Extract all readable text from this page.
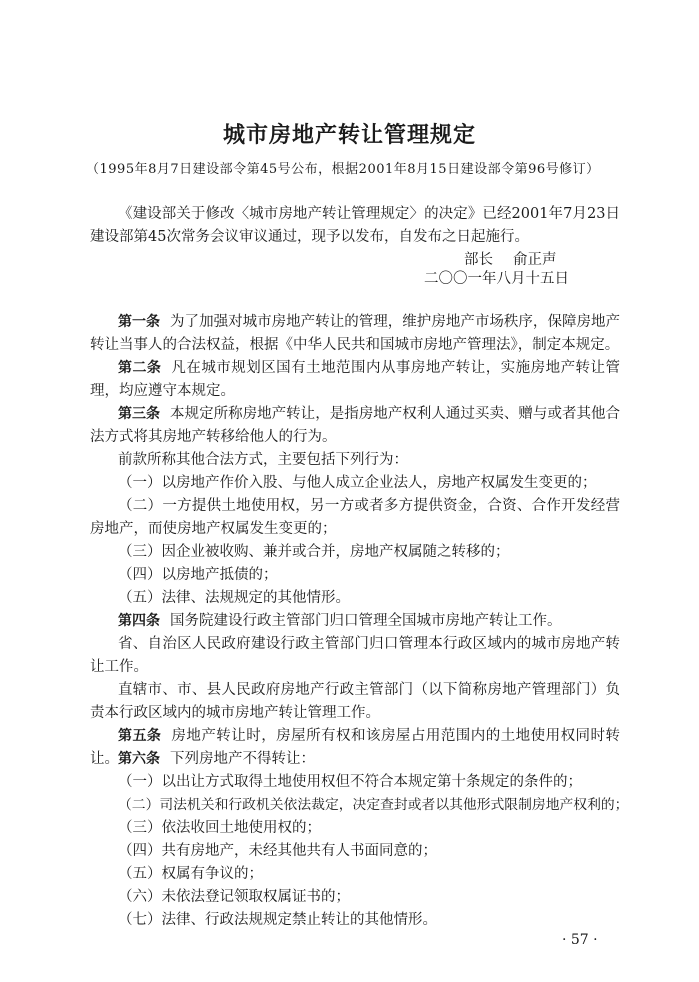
城市房地产转让管理规定

（1995年8月7日建设部令第45号公布，根据2001年8月15日建设部令第96号修订）

《建设部关于修改〈城市房地产转让管理规定〉的决定》已经2001年7月23日建设部第45次常务会议审议通过，现予以发布，自发布之日起施行。

部长 俞正声

二〇〇一年八月十五日

第一条 为了加强对城市房地产转让的管理，维护房地产市场秩序，保障房地产转让当事人的合法权益，根据《中华人民共和国城市房地产管理法》，制定本规定。

第二条 凡在城市规划区国有土地范围内从事房地产转让，实施房地产转让管理，均应遵守本规定。

第三条 本规定所称房地产转让，是指房地产权利人通过买卖、赠与或者其他合法方式将其房地产转移给他人的行为。

前款所称其他合法方式，主要包括下列行为：

（一）以房地产作价入股、与他人成立企业法人，房地产权属发生变更的；

（二）一方提供土地使用权，另一方或者多方提供资金，合资、合作开发经营房地产，而使房地产权属发生变更的；

（三）因企业被收购、兼并或合并，房地产权属随之转移的；

（四）以房地产抵债的；

（五）法律、法规规定的其他情形。

第四条 国务院建设行政主管部门归口管理全国城市房地产转让工作。

省、自治区人民政府建设行政主管部门归口管理本行政区域内的城市房地产转让工作。

直辖市、市、县人民政府房地产行政主管部门（以下简称房地产管理部门）负责本行政区域内的城市房地产转让管理工作。

第五条 房地产转让时，房屋所有权和该房屋占用范围内的土地使用权同时转让。 第六条 下列房地产不得转让：

（一）以出让方式取得土地使用权但不符合本规定第十条规定的条件的；

（二）司法机关和行政机关依法裁定，决定查封或者以其他形式限制房地产权利的；

（三）依法收回土地使用权的；

（四）共有房地产，未经其他共有人书面同意的；

（五）权属有争议的；

（六）未依法登记领取权属证书的；

（七）法律、行政法规规定禁止转让的其他情形。

· 57 ·
